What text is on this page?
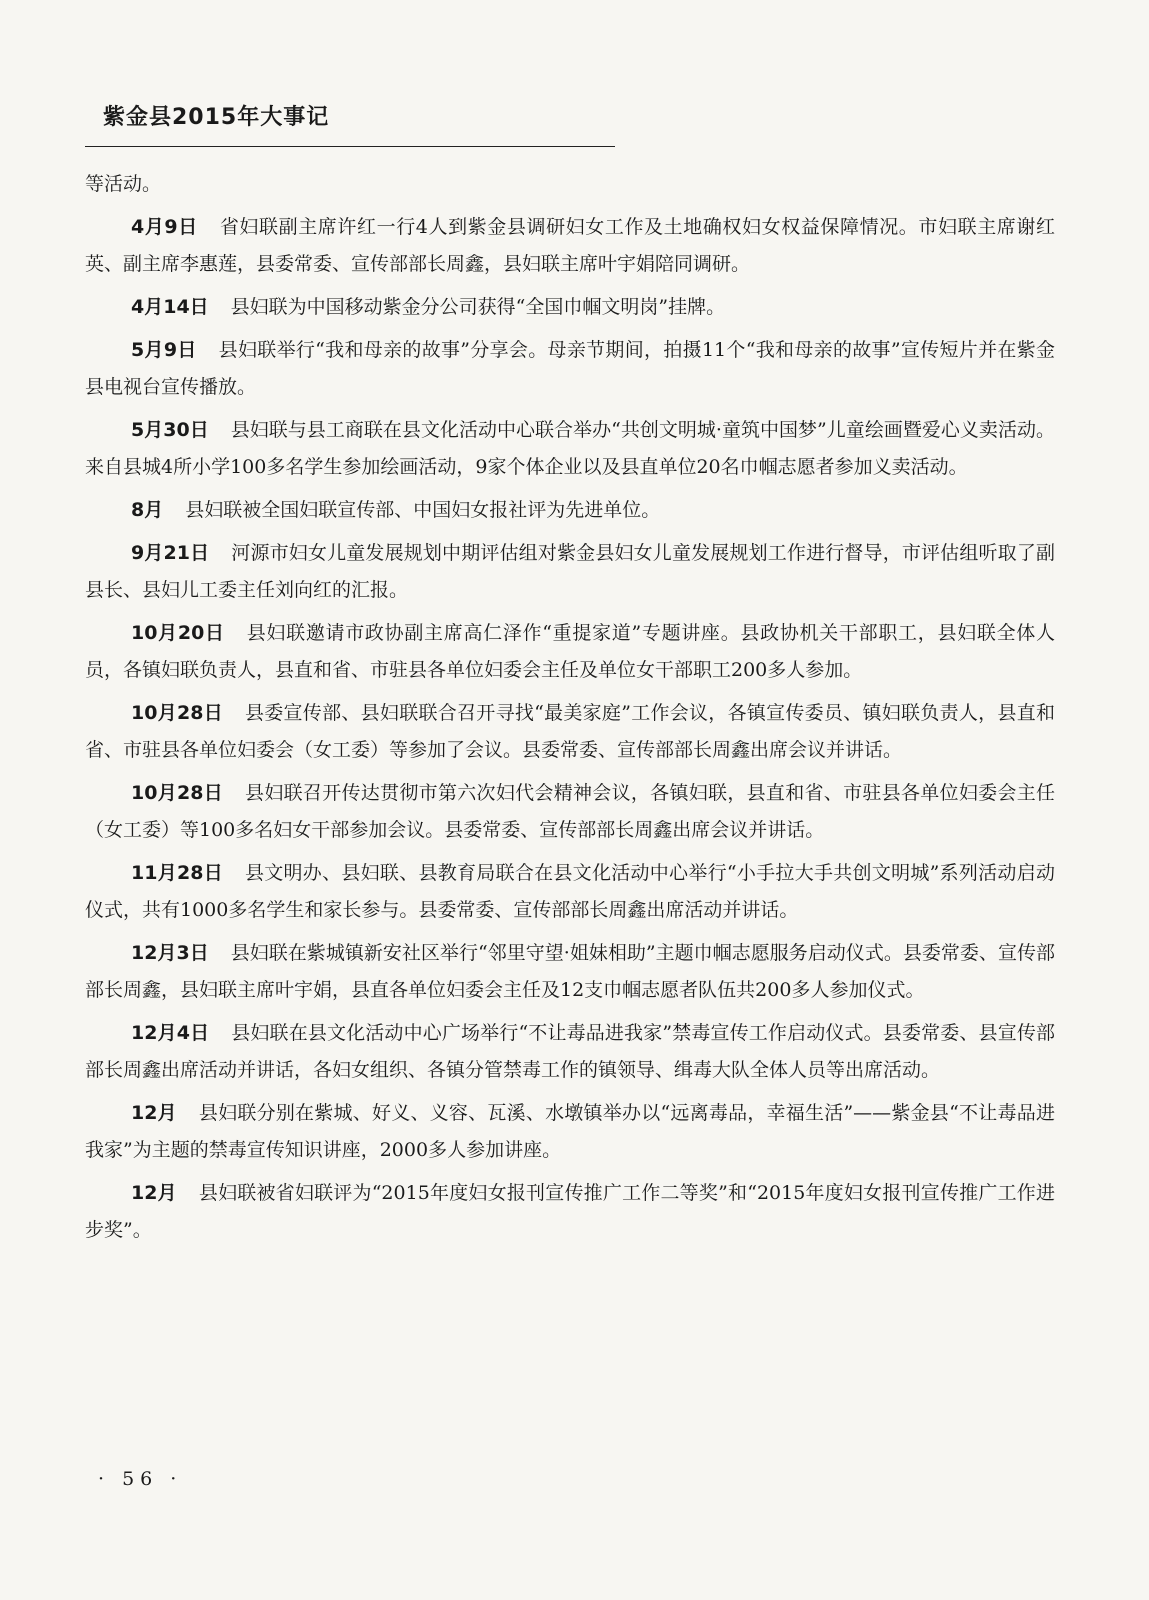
紫金县2015年大事记

等活动。

4月9日 省妇联副主席许红一行4人到紫金县调研妇女工作及土地确权妇女权益保障情况。市妇联主席谢红英、副主席李惠莲，县委常委、宣传部部长周鑫，县妇联主席叶宇娟陪同调研。

4月14日 县妇联为中国移动紫金分公司获得“全国巾帼文明岗”挂牌。

5月9日 县妇联举行“我和母亲的故事”分享会。母亲节期间，拍摄11个“我和母亲的故事”宣传短片并在紫金县电视台宣传播放。

5月30日 县妇联与县工商联在县文化活动中心联合举办“共创文明城·童筑中国梦”儿童绘画暨爱心义卖活动。来自县城4所小学100多名学生参加绘画活动，9家个体企业以及县直单位20名巾帼志愿者参加义卖活动。

8月 县妇联被全国妇联宣传部、中国妇女报社评为先进单位。

9月21日 河源市妇女儿童发展规划中期评估组对紫金县妇女儿童发展规划工作进行督导，市评估组听取了副县长、县妇儿工委主任刘向红的汇报。

10月20日 县妇联邀请市政协副主席高仁泽作“重提家道”专题讲座。县政协机关干部职工，县妇联全体人员，各镇妇联负责人，县直和省、市驻县各单位妇委会主任及单位女干部职工200多人参加。

10月28日 县委宣传部、县妇联联合召开寻找“最美家庭”工作会议，各镇宣传委员、镇妇联负责人，县直和省、市驻县各单位妇委会（女工委）等参加了会议。县委常委、宣传部部长周鑫出席会议并讲话。

10月28日 县妇联召开传达贯彻市第六次妇代会精神会议，各镇妇联，县直和省、市驻县各单位妇委会主任（女工委）等100多名妇女干部参加会议。县委常委、宣传部部长周鑫出席会议并讲话。

11月28日 县文明办、县妇联、县教育局联合在县文化活动中心举行“小手拉大手共创文明城”系列活动启动仪式，共有1000多名学生和家长参与。县委常委、宣传部部长周鑫出席活动并讲话。

12月3日 县妇联在紫城镇新安社区举行“邻里守望·姐妹相助”主题巾帼志愿服务启动仪式。县委常委、宣传部部长周鑫，县妇联主席叶宇娟，县直各单位妇委会主任及12支巾帼志愿者队伍共200多人参加仪式。

12月4日 县妇联在县文化活动中心广场举行“不让毒品进我家”禁毒宣传工作启动仪式。县委常委、县宣传部部长周鑫出席活动并讲话，各妇女组织、各镇分管禁毒工作的镇领导、缉毒大队全体人员等出席活动。

12月 县妇联分别在紫城、好义、义容、瓦溪、水墩镇举办以“远离毒品，幸福生活”——紫金县“不让毒品进我家”为主题的禁毒宣传知识讲座，2000多人参加讲座。

12月 县妇联被省妇联评为“2015年度妇女报刊宣传推广工作二等奖”和“2015年度妇女报刊宣传推广工作进步奖”。

· 56 ·
